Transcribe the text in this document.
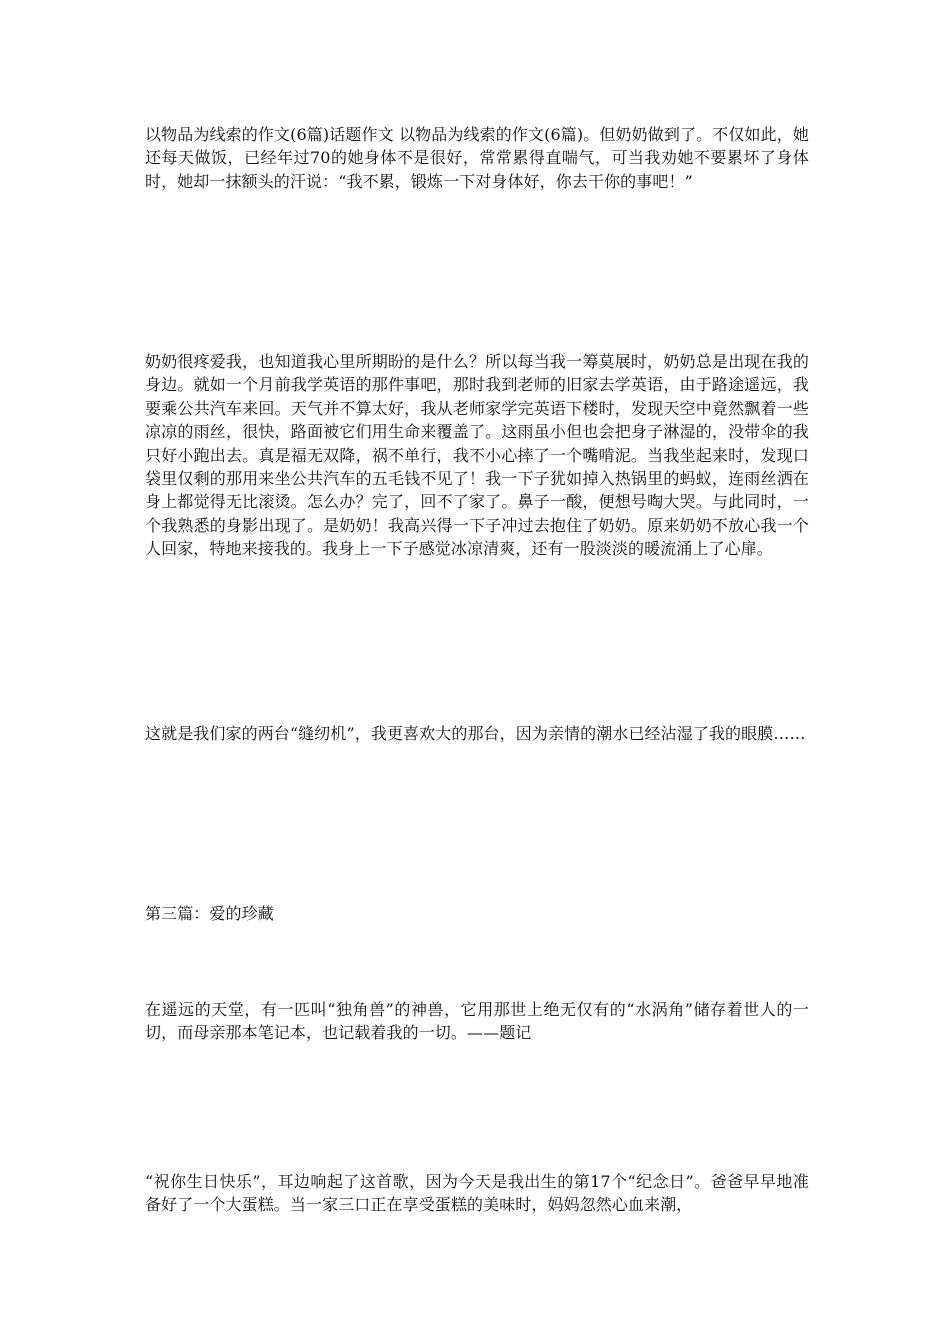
以物品为线索的作文(6篇)话题作文 以物品为线索的作文(6篇)。但奶奶做到了。不仅如此，她还每天做饭，已经年过70的她身体不是很好，常常累得直喘气，可当我劝她不要累坏了身体时，她却一抹额头的汗说：“我不累，锻炼一下对身体好，你去干你的事吧！”

奶奶很疼爱我，也知道我心里所期盼的是什么？所以每当我一筹莫展时，奶奶总是出现在我的身边。就如一个月前我学英语的那件事吧，那时我到老师的旧家去学英语，由于路途遥远，我要乘公共汽车来回。天气并不算太好，我从老师家学完英语下楼时，发现天空中竟然飘着一些凉凉的雨丝，很快，路面被它们用生命来覆盖了。这雨虽小但也会把身子淋湿的，没带伞的我只好小跑出去。真是福无双降，祸不单行，我不小心摔了一个嘴啃泥。当我坐起来时，发现口袋里仅剩的那用来坐公共汽车的五毛钱不见了！我一下子犹如掉入热锅里的蚂蚁，连雨丝洒在身上都觉得无比滚烫。怎么办？完了，回不了家了。鼻子一酸，便想号啕大哭。与此同时，一个我熟悉的身影出现了。是奶奶！我高兴得一下子冲过去抱住了奶奶。原来奶奶不放心我一个人回家，特地来接我的。我身上一下子感觉冰凉清爽，还有一股淡淡的暖流涌上了心扉。

这就是我们家的两台“缝纫机”，我更喜欢大的那台，因为亲情的潮水已经沾湿了我的眼膜……

第三篇：爱的珍藏

在遥远的天堂，有一匹叫“独角兽”的神兽，它用那世上绝无仅有的“水涡角”储存着世人的一切，而母亲那本笔记本，也记载着我的一切。——题记

“祝你生日快乐”，耳边响起了这首歌，因为今天是我出生的第17个“纪念日”。爸爸早早地准备好了一个大蛋糕。当一家三口正在享受蛋糕的美味时，妈妈忽然心血来潮，
